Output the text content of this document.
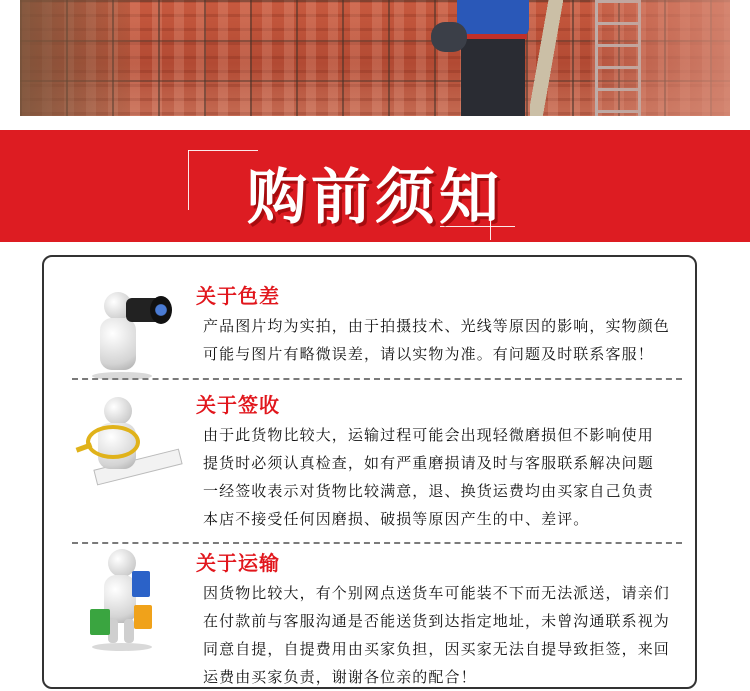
购前须知
关于色差
产品图片均为实拍，由于拍摄技术、光线等原因的影响，实物颜色
可能与图片有略微误差，请以实物为准。有问题及时联系客服！
关于签收
由于此货物比较大，运输过程可能会出现轻微磨损但不影响使用
提货时必须认真检查，如有严重磨损请及时与客服联系解决问题
一经签收表示对货物比较满意，退、换货运费均由买家自己负责
本店不接受任何因磨损、破损等原因产生的中、差评。
关于运输
因货物比较大，有个别网点送货车可能装不下而无法派送，请亲们
在付款前与客服沟通是否能送货到达指定地址，未曾沟通联系视为
同意自提，自提费用由买家负担，因买家无法自提导致拒签，来回
运费由买家负责，谢谢各位亲的配合！
